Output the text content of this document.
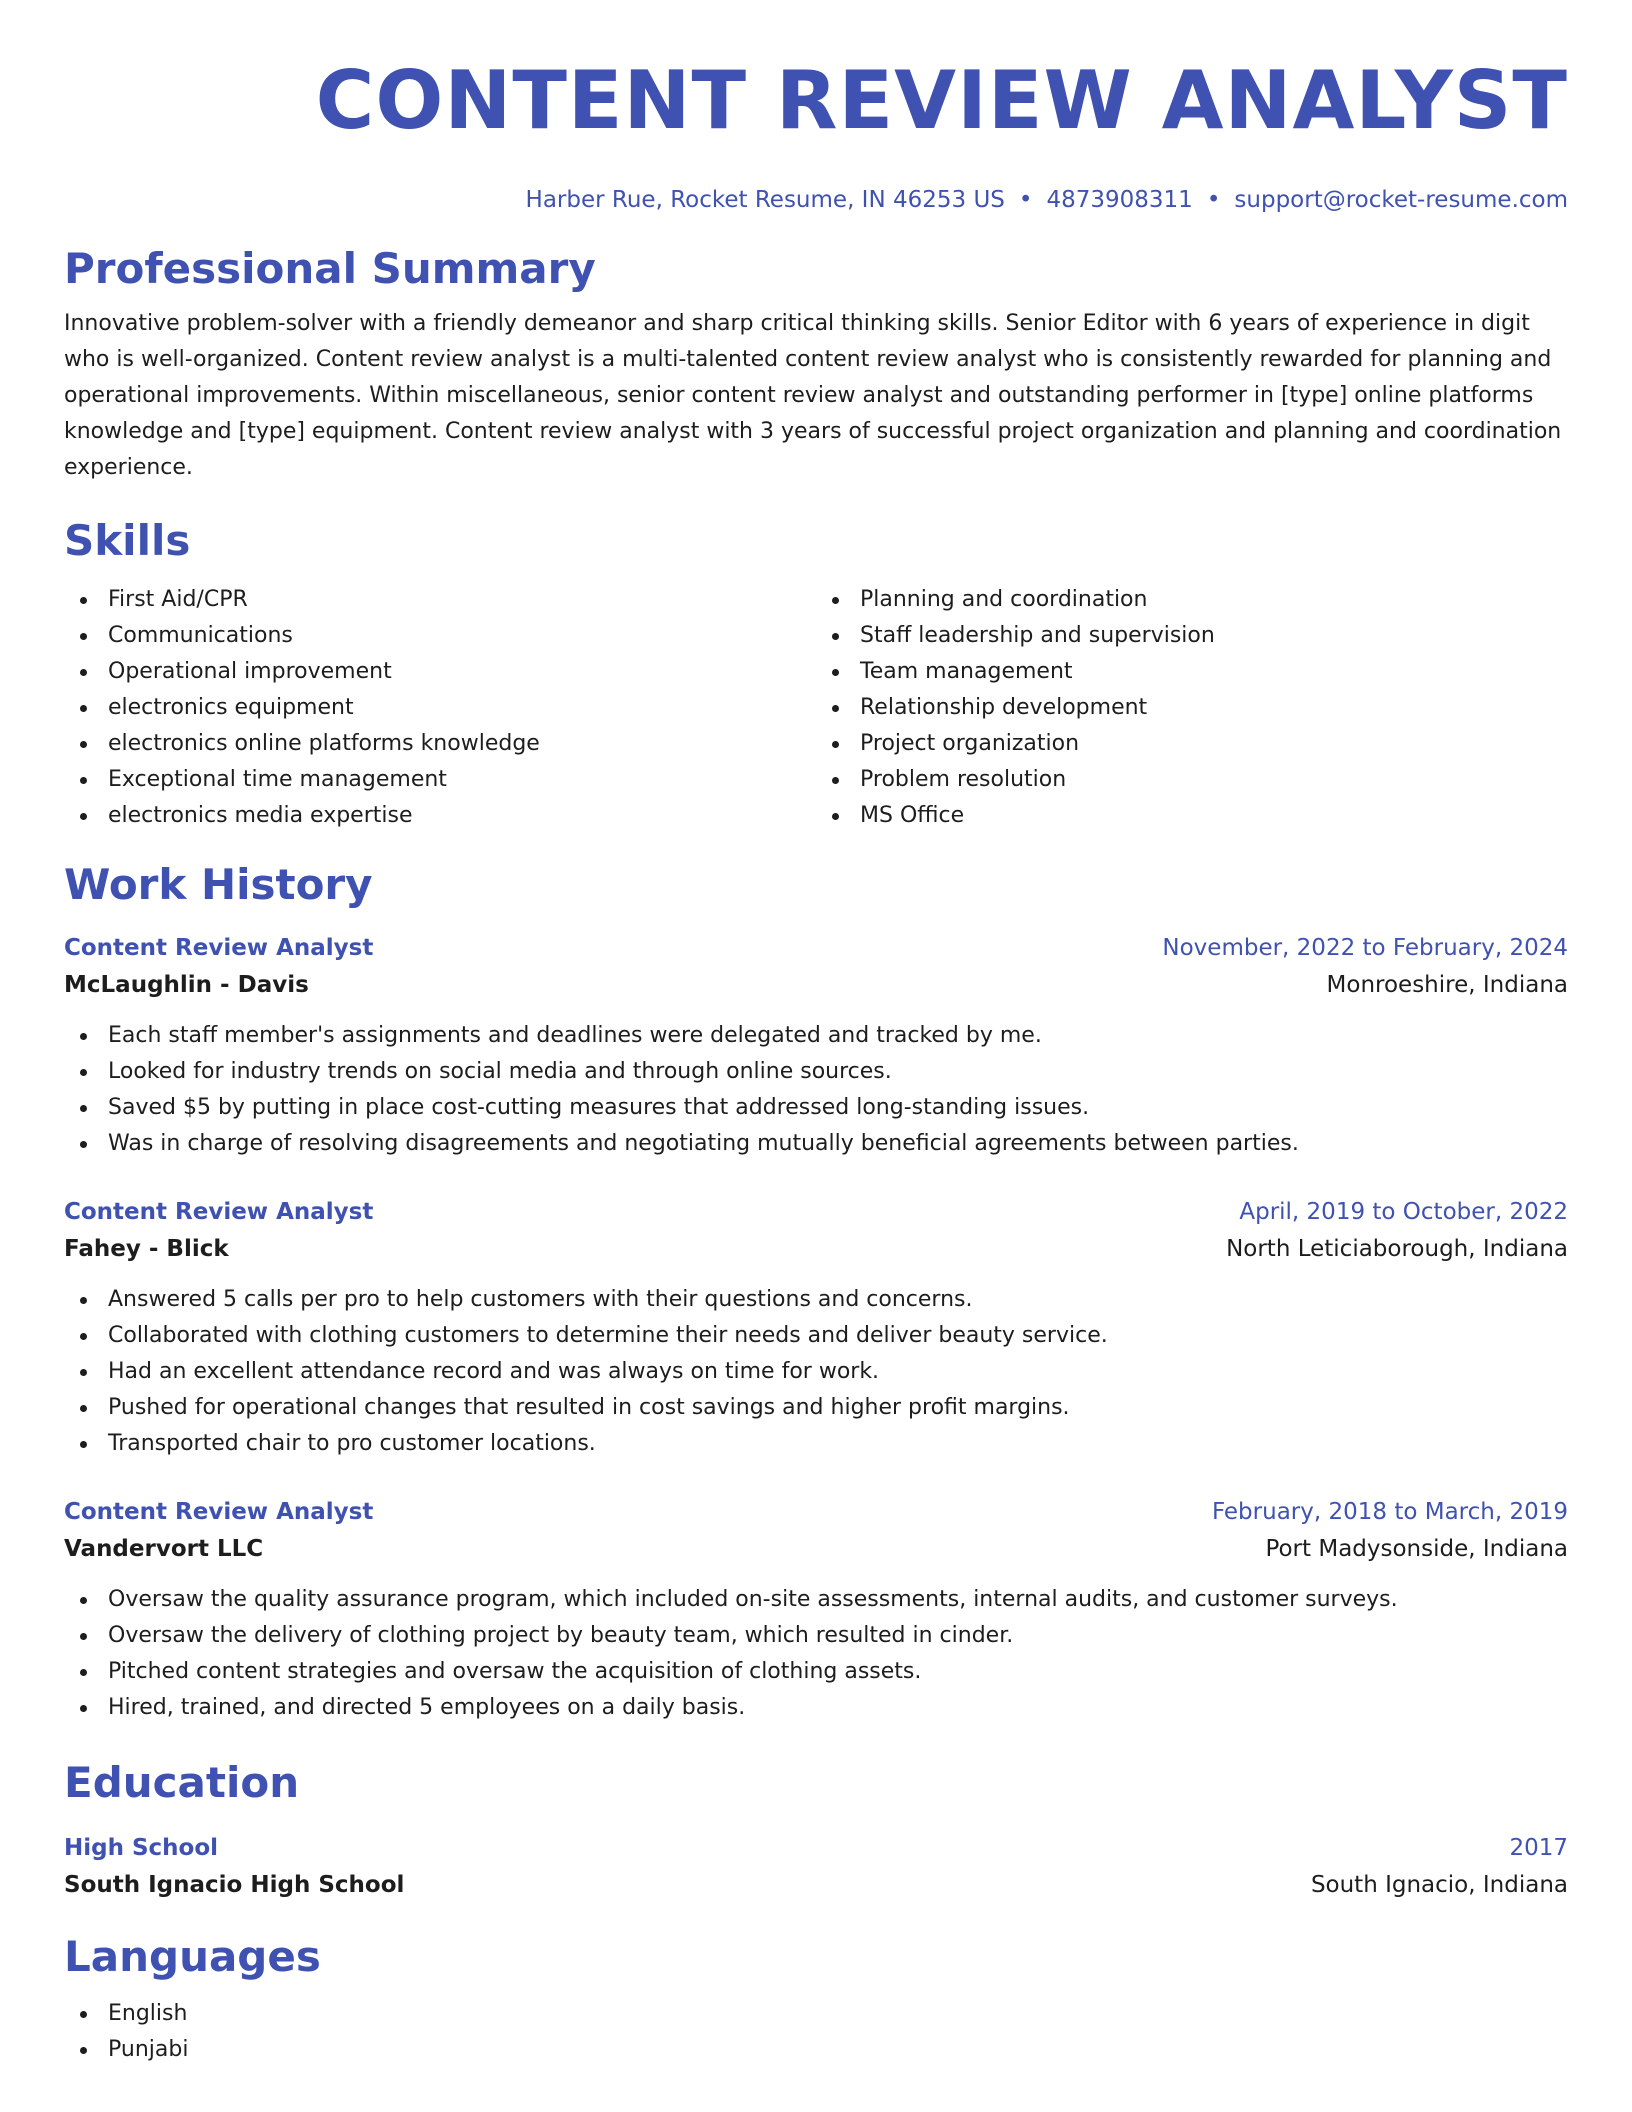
CONTENT REVIEW ANALYST
Harber Rue, Rocket Resume, IN 46253 US • 4873908311 • support@rocket-resume.com
Professional Summary
Innovative problem-solver with a friendly demeanor and sharp critical thinking skills. Senior Editor with 6 years of experience in digit who is well-organized. Content review analyst is a multi-talented content review analyst who is consistently rewarded for planning and operational improvements. Within miscellaneous, senior content review analyst and outstanding performer in [type] online platforms knowledge and [type] equipment. Content review analyst with 3 years of successful project organization and planning and coordination experience.
Skills
First Aid/CPR
Communications
Operational improvement
electronics equipment
electronics online platforms knowledge
Exceptional time management
electronics media expertise
Planning and coordination
Staff leadership and supervision
Team management
Relationship development
Project organization
Problem resolution
MS Office
Work History
Content Review Analyst	November, 2022 to February, 2024
McLaughlin - Davis	Monroeshire, Indiana
Each staff member's assignments and deadlines were delegated and tracked by me.
Looked for industry trends on social media and through online sources.
Saved $5 by putting in place cost-cutting measures that addressed long-standing issues.
Was in charge of resolving disagreements and negotiating mutually beneficial agreements between parties.
Content Review Analyst	April, 2019 to October, 2022
Fahey - Blick	North Leticiaborough, Indiana
Answered 5 calls per pro to help customers with their questions and concerns.
Collaborated with clothing customers to determine their needs and deliver beauty service.
Had an excellent attendance record and was always on time for work.
Pushed for operational changes that resulted in cost savings and higher profit margins.
Transported chair to pro customer locations.
Content Review Analyst	February, 2018 to March, 2019
Vandervort LLC	Port Madysonside, Indiana
Oversaw the quality assurance program, which included on-site assessments, internal audits, and customer surveys.
Oversaw the delivery of clothing project by beauty team, which resulted in cinder.
Pitched content strategies and oversaw the acquisition of clothing assets.
Hired, trained, and directed 5 employees on a daily basis.
Education
High School	2017
South Ignacio High School	South Ignacio, Indiana
Languages
English
Punjabi
